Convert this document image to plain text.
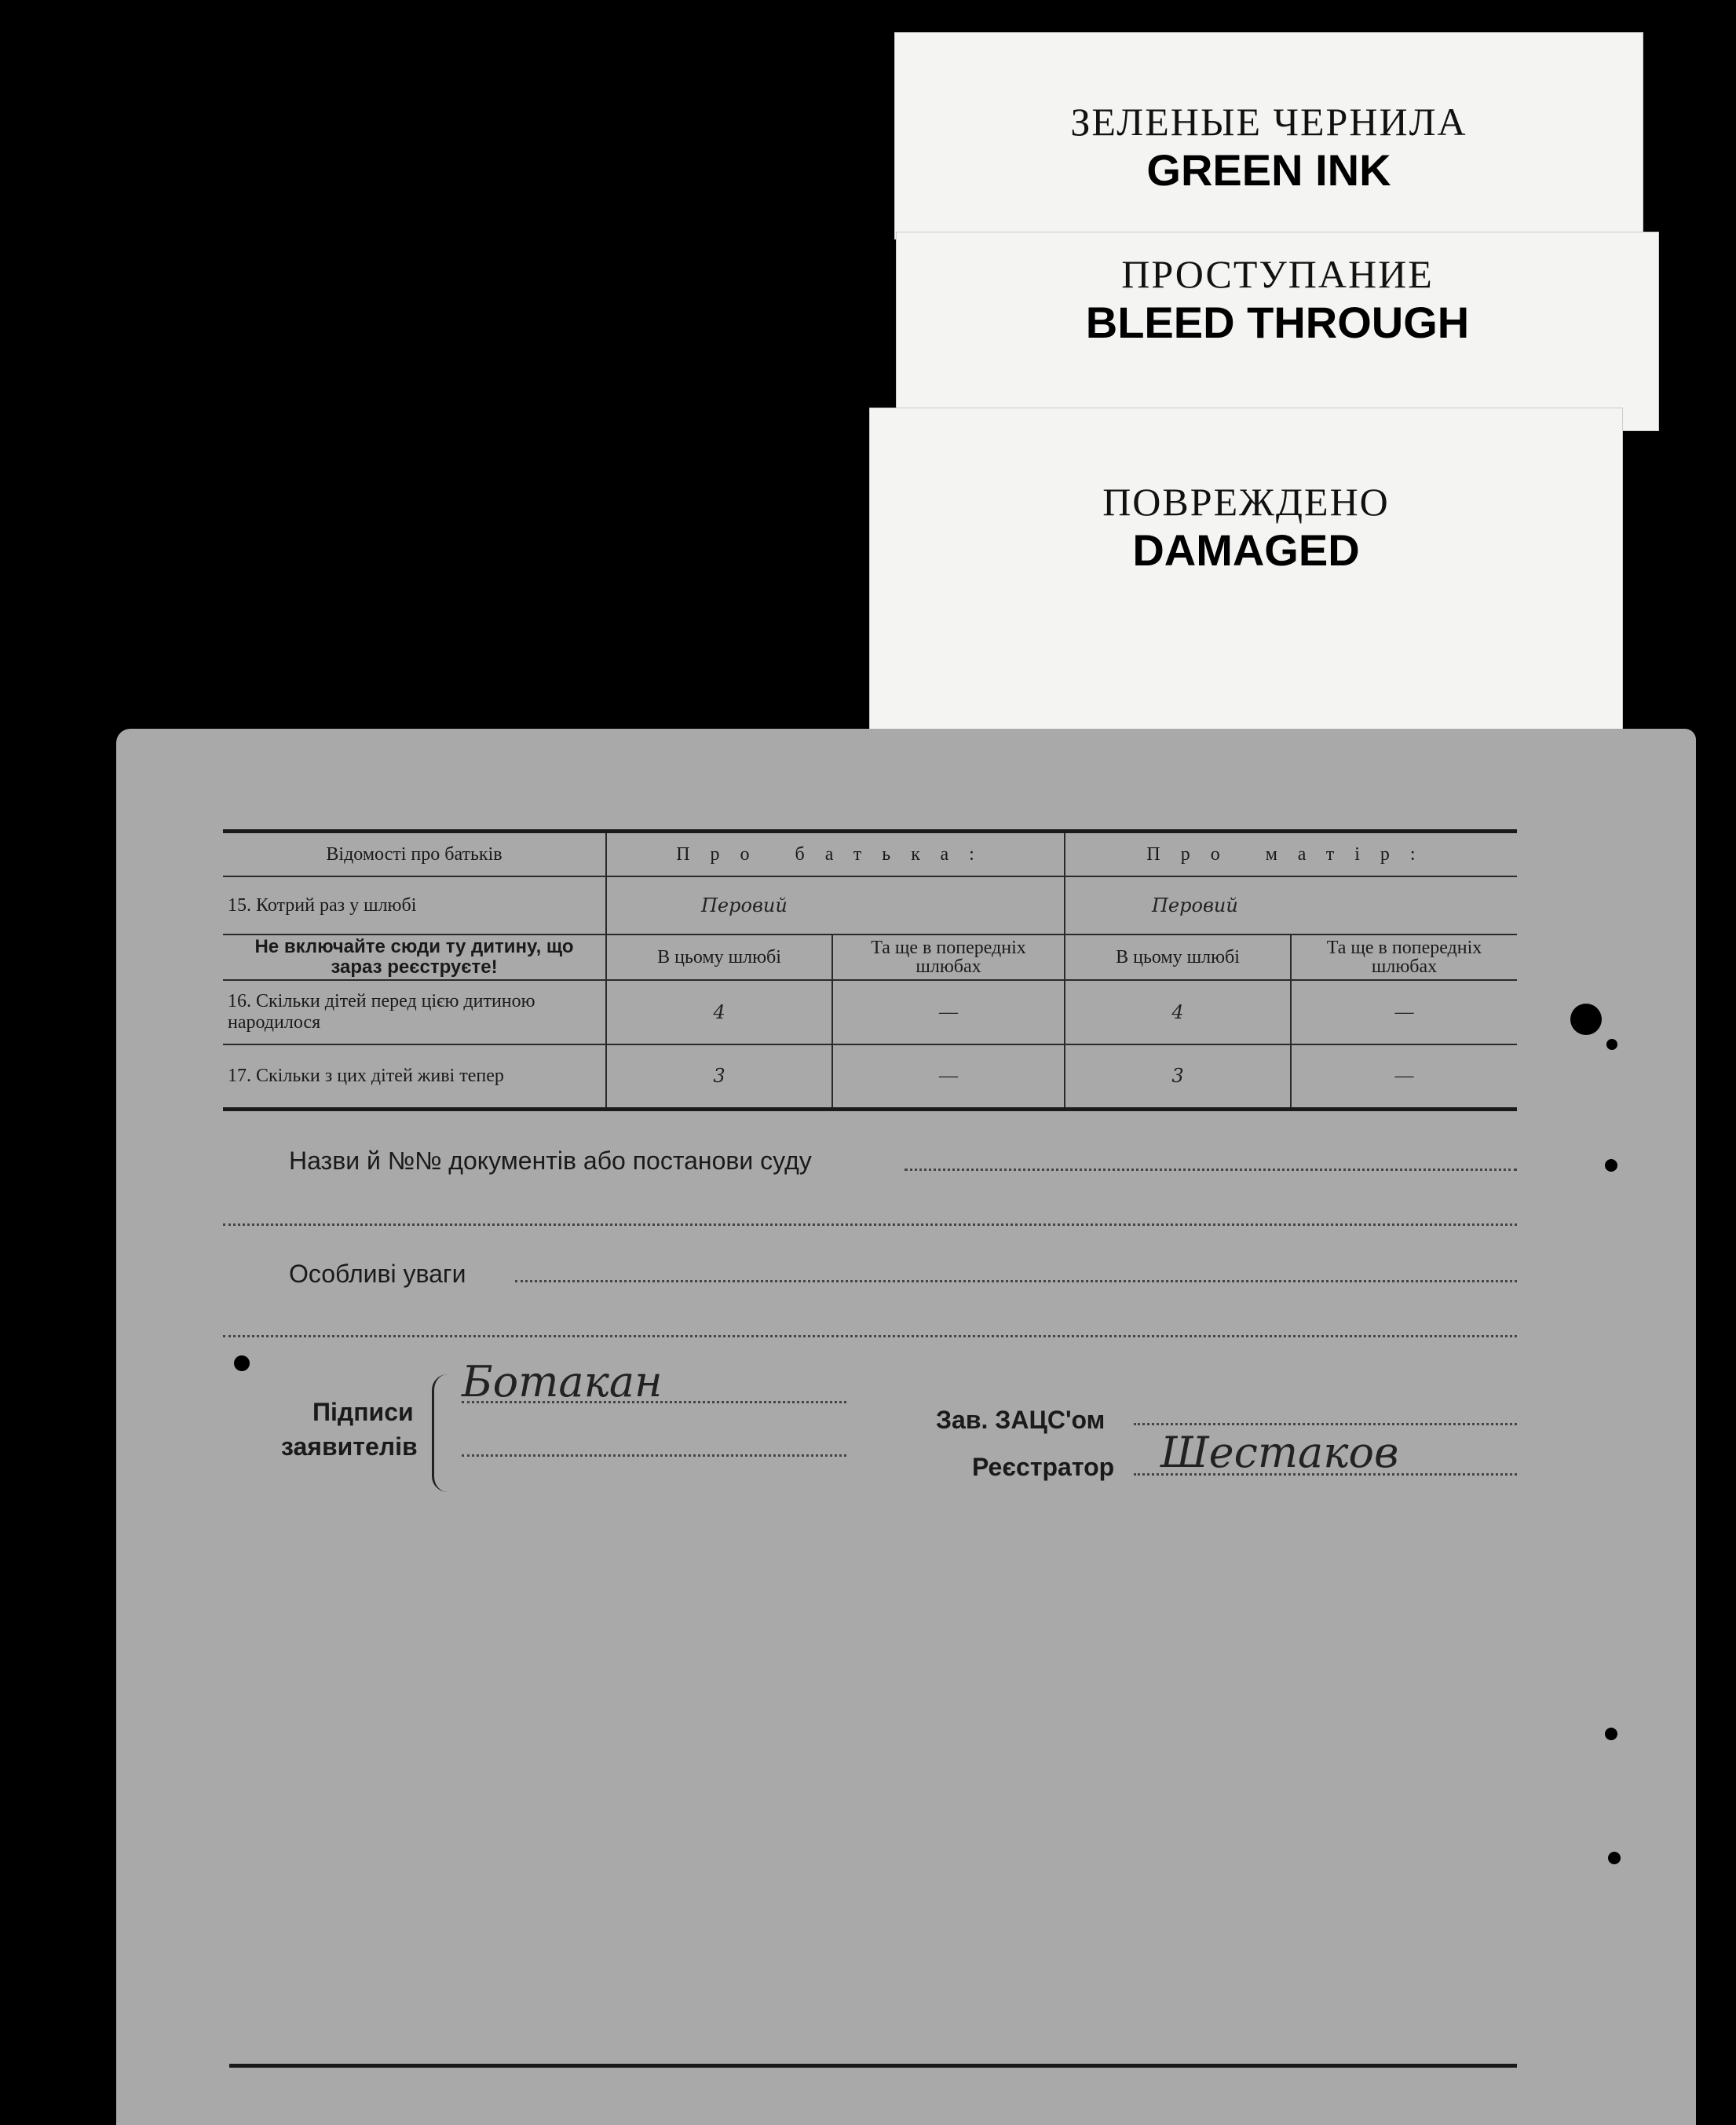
ЗЕЛЕНЫЕ ЧЕРНИЛА
GREEN INK
ПРОСТУПАНИЕ
BLEED THROUGH
ПОВРЕЖДЕНО
DAMAGED
Відомості про батьків	Про батька:		Про матір:	
15. Котрий раз у шлюбі	Перовий		Перовий	
Не включайте сюди ту дитину, що зараз реєструєте!	В цьому шлюбі	Та ще в попередніх шлюбах	В цьому шлюбі	Та ще в попередніх шлюбах
16. Скільки дітей перед цією дитиною народилося	4	—	4	—
17. Скільки з цих дітей живі тепер	3	—	3	—
Назви й №№ документів або постанови суду
Особливі уваги
Підписи
заявителів
Ботакан
Зав. ЗАЦС'ом
Реєстратор Шестаков
